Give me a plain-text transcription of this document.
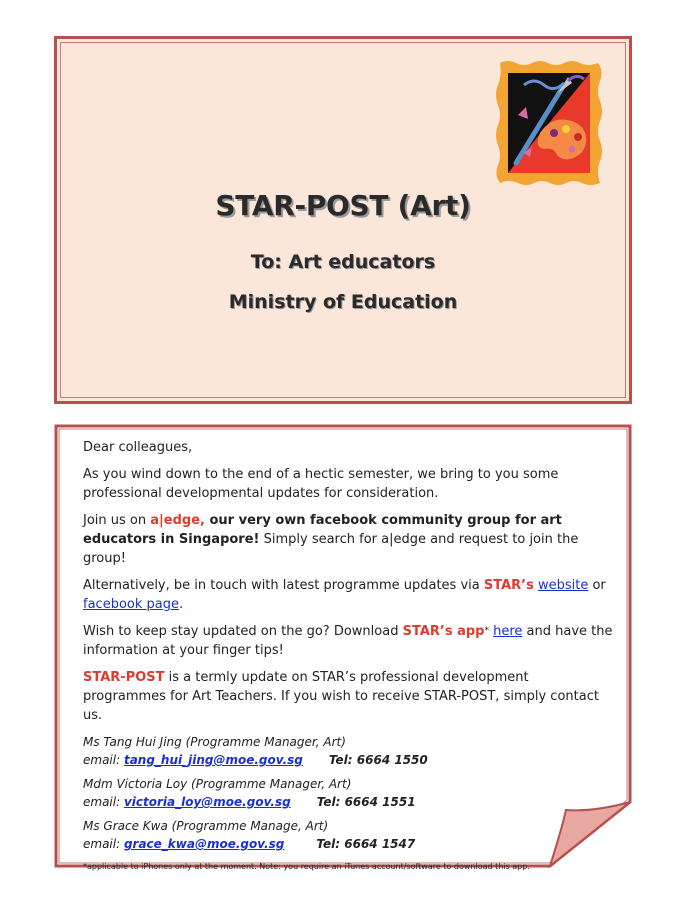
STAR-POST (Art)
To: Art educators
Ministry of Education

Dear colleagues,

As you wind down to the end of a hectic semester, we bring to you some professional developmental updates for consideration.

Join us on a|edge, our very own facebook community group for art educators in Singapore! Simply search for a|edge and request to join the group!

Alternatively, be in touch with latest programme updates via STAR’s website or facebook page.

Wish to keep stay updated on the go? Download STAR’s app* here and have the information at your finger tips!

STAR-POST is a termly update on STAR’s professional development programmes for Art Teachers. If you wish to receive STAR-POST, simply contact us.

Ms Tang Hui Jing (Programme Manager, Art)
email: tang_hui_jing@moe.gov.sg Tel: 6664 1550
Mdm Victoria Loy (Programme Manager, Art)
email: victoria_loy@moe.gov.sg Tel: 6664 1551
Ms Grace Kwa (Programme Manage, Art)
email: grace_kwa@moe.gov.sg	Tel: 6664 1547
*applicable to iPhones only at the moment. Note: you require an iTunes account/software to download this app.
